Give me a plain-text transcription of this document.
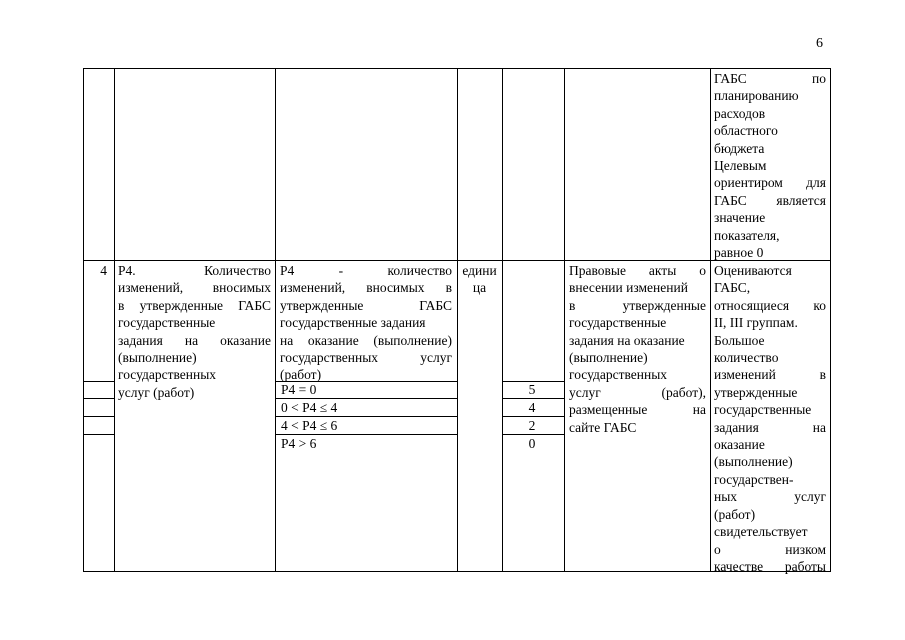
6
ГАБС по
планированию
расходов
областного
бюджета
Целевым
ориентиром для
ГАБС является
значение
показателя,
равное 0
4 Р4. Количество
изменений, вносимых
в утвержденные ГАБС
государственные
задания на оказание
(выполнение)
государственных
услуг (работ)
Р4 - количество
изменений, вносимых в
утвержденные ГАБС
государственные задания
на оказание (выполнение)
государственных услуг
(работ)
едини
ца
Р4 = 0
0 < Р4 ≤ 4
4 < Р4 ≤ 6
Р4 > 6
5
4
2
0
Правовые акты о
внесении изменений
в утвержденные
государственные
задания на оказание
(выполнение)
государственных
услуг (работ),
размещенные на
сайте ГАБС
Оцениваются
ГАБС,
относящиеся ко
II, III группам.
Большое
количество
изменений в
утвержденные
государственные
задания на
оказание
(выполнение)
государствен-
ных услуг
(работ)
свидетельствует
о низком
качестве работы
